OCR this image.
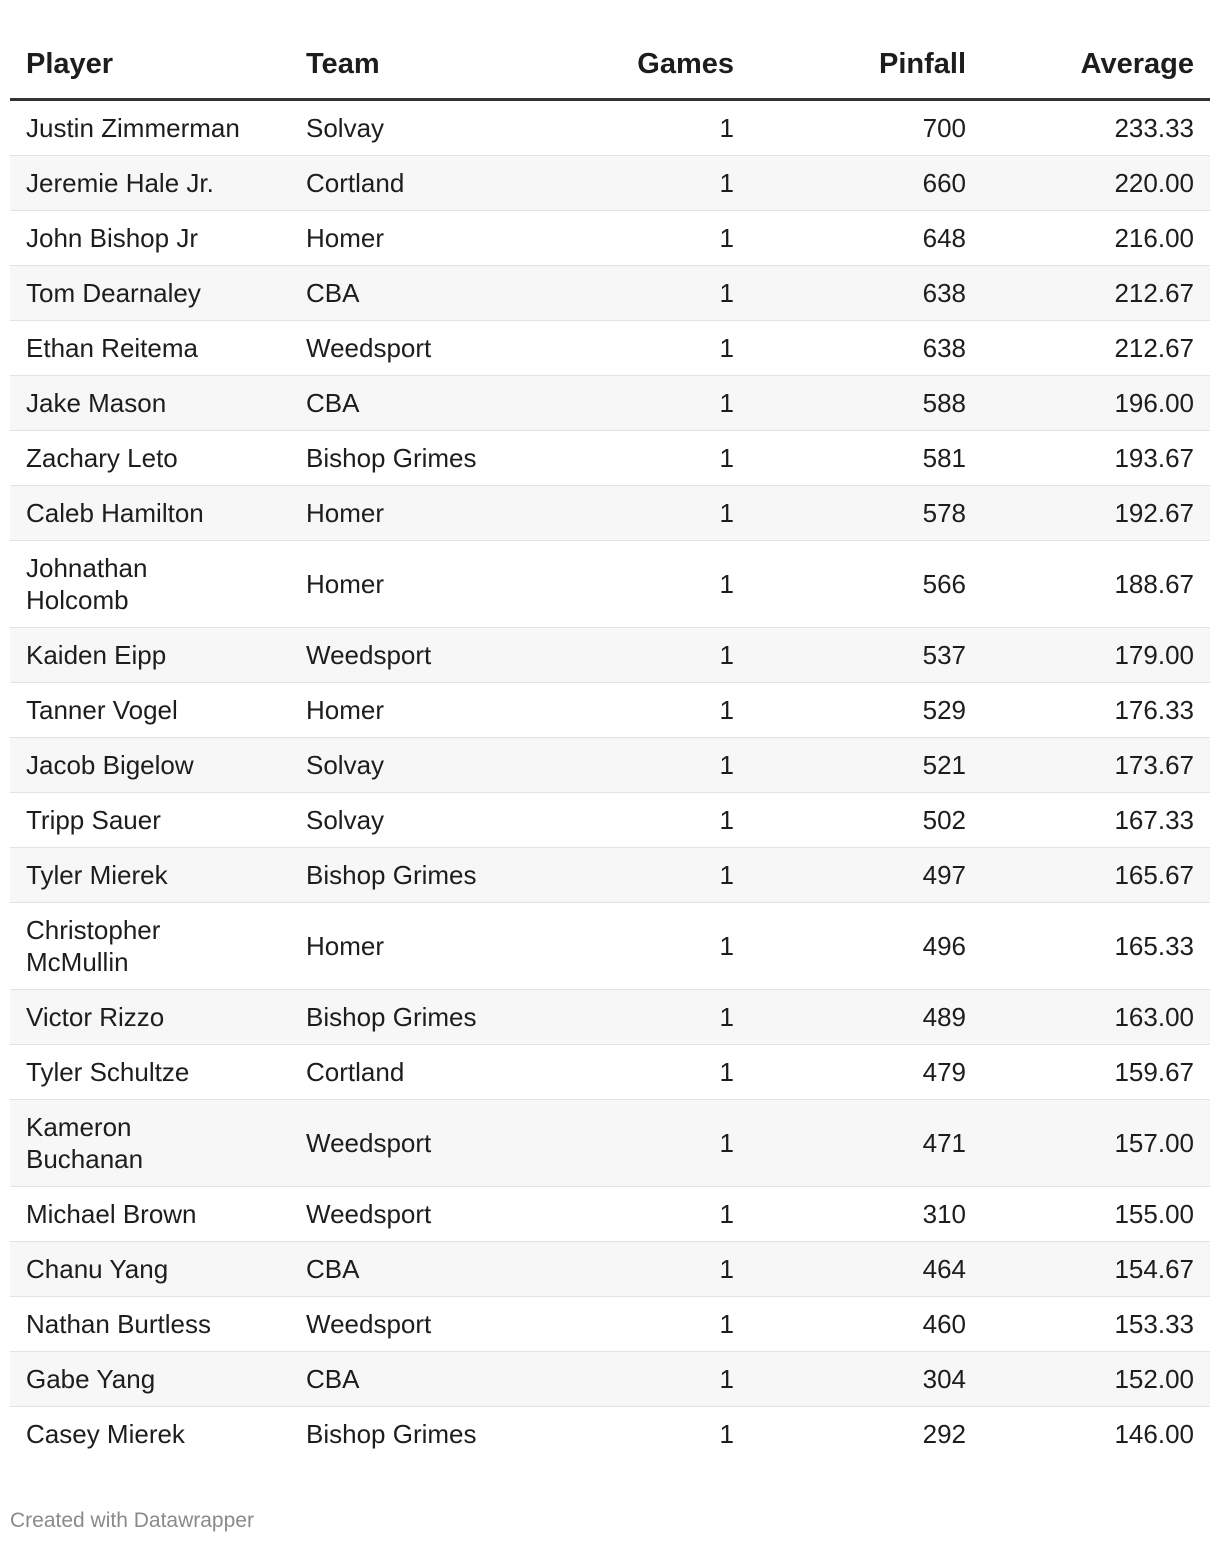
Player	Team	Games	Pinfall	Average
Justin Zimmerman	Solvay	1	700	233.33
Jeremie Hale Jr.	Cortland	1	660	220.00
John Bishop Jr	Homer	1	648	216.00
Tom Dearnaley	CBA	1	638	212.67
Ethan Reitema	Weedsport	1	638	212.67
Jake Mason	CBA	1	588	196.00
Zachary Leto	Bishop Grimes	1	581	193.67
Caleb Hamilton	Homer	1	578	192.67
Johnathan Holcomb	Homer	1	566	188.67
Kaiden Eipp	Weedsport	1	537	179.00
Tanner Vogel	Homer	1	529	176.33
Jacob Bigelow	Solvay	1	521	173.67
Tripp Sauer	Solvay	1	502	167.33
Tyler Mierek	Bishop Grimes	1	497	165.67
Christopher McMullin	Homer	1	496	165.33
Victor Rizzo	Bishop Grimes	1	489	163.00
Tyler Schultze	Cortland	1	479	159.67
Kameron Buchanan	Weedsport	1	471	157.00
Michael Brown	Weedsport	1	310	155.00
Chanu Yang	CBA	1	464	154.67
Nathan Burtless	Weedsport	1	460	153.33
Gabe Yang	CBA	1	304	152.00
Casey Mierek	Bishop Grimes	1	292	146.00
Created with Datawrapper
